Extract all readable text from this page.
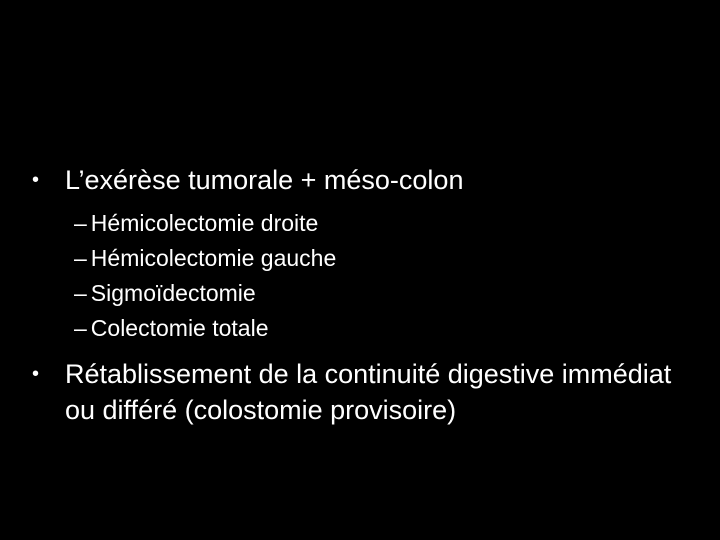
• L’exérèse tumorale + méso-colon
– Hémicolectomie droite
– Hémicolectomie gauche
– Sigmoïdectomie
– Colectomie totale
• Rétablissement de la continuité digestive immédiat ou différé (colostomie provisoire)
